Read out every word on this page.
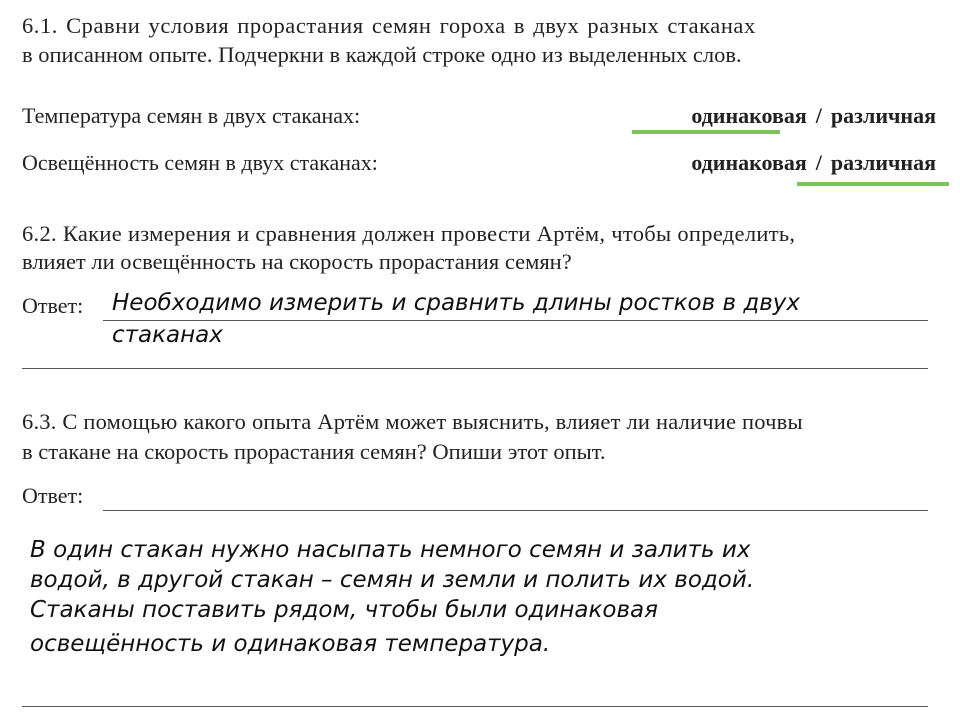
6.1. Сравни условия прорастания семян гороха в двух разных стаканах
в описанном опыте. Подчеркни в каждой строке одно из выделенных слов.
Температура семян в двух стаканах:	одинаковая / различная
Освещённость семян в двух стаканах:	одинаковая / различная
6.2. Какие измерения и сравнения должен провести Артём, чтобы определить,
влияет ли освещённость на скорость прорастания семян?
Ответ: Необходимо измерить и сравнить длины ростков в двух
стаканах
6.3. С помощью какого опыта Артём может выяснить, влияет ли наличие почвы
в стакане на скорость прорастания семян? Опиши этот опыт.
Ответ:
В один стакан нужно насыпать немного семян и залить их
водой, в другой стакан – семян и земли и полить их водой.
Стаканы поставить рядом, чтобы были одинаковая
освещённость и одинаковая температура.
